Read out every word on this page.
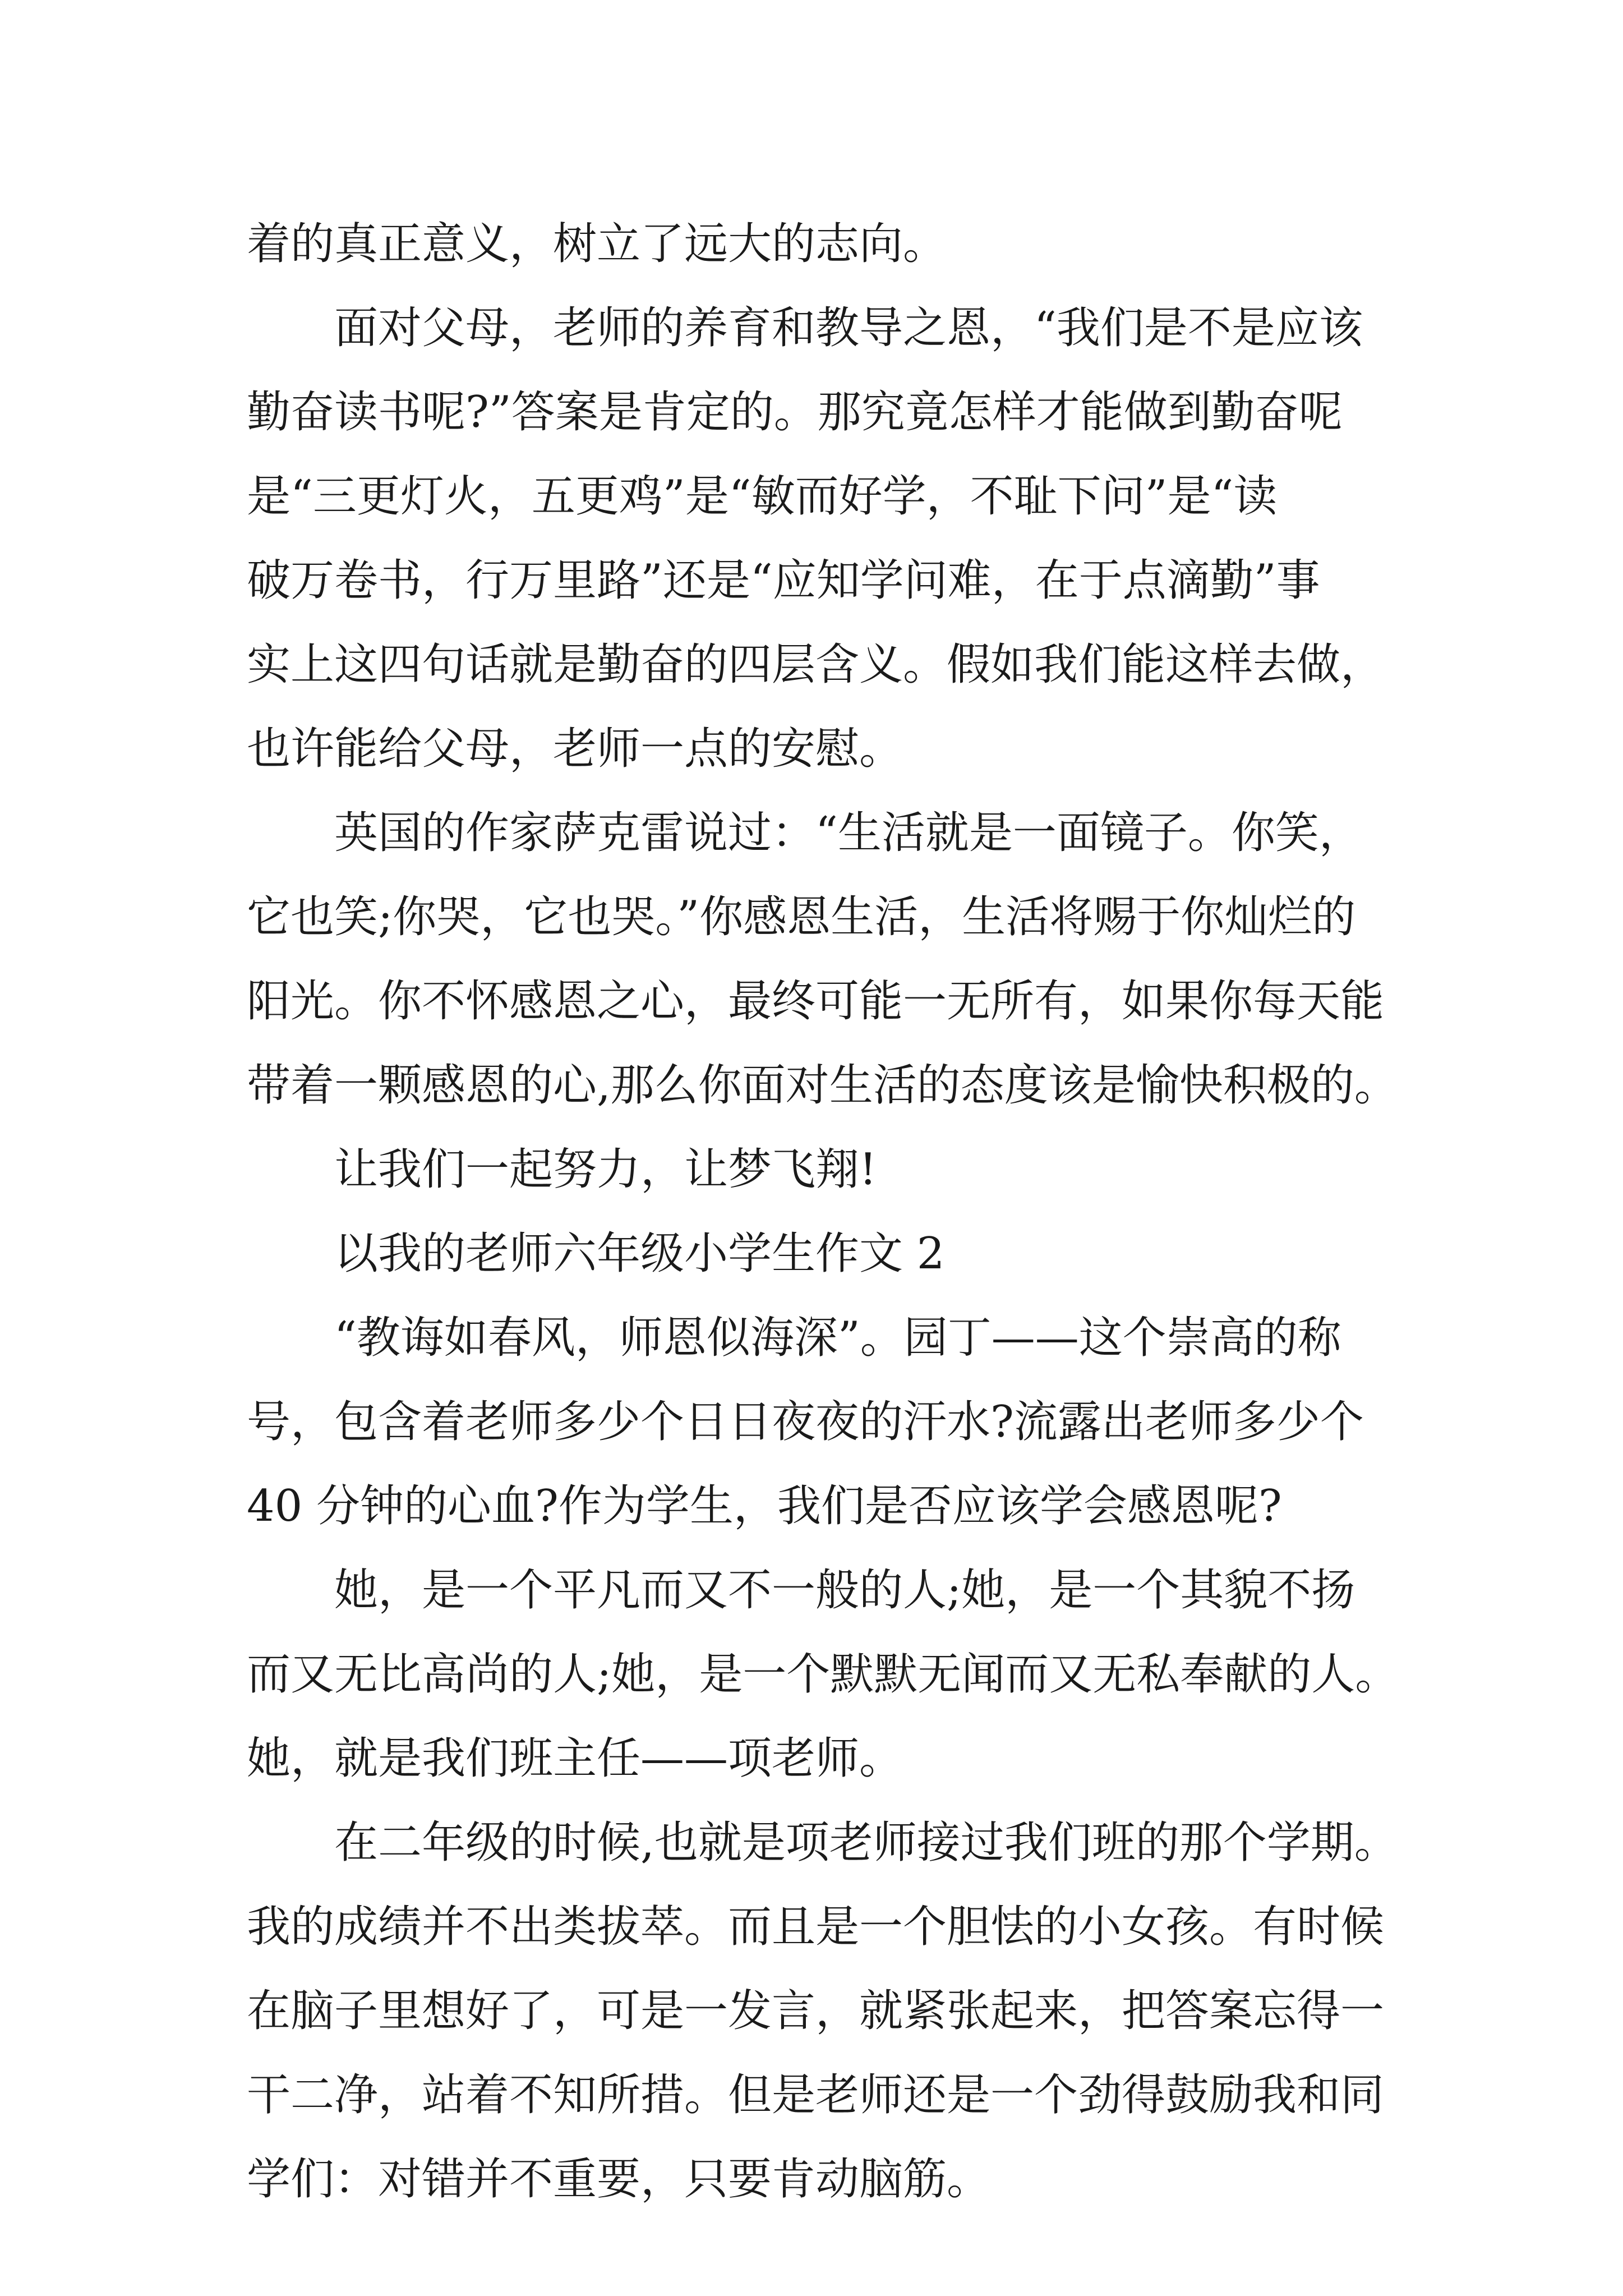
着的真正意义，树立了远大的志向。
面对父母，老师的养育和教导之恩，“我们是不是应该
勤奋读书呢?”答案是肯定的。那究竟怎样才能做到勤奋呢
是“三更灯火，五更鸡”是“敏而好学，不耻下问”是“读
破万卷书，行万里路”还是“应知学问难，在于点滴勤”事
实上这四句话就是勤奋的四层含义。假如我们能这样去做，
也许能给父母，老师一点的安慰。
英国的作家萨克雷说过：“生活就是一面镜子。你笑，
它也笑;你哭，它也哭。”你感恩生活，生活将赐于你灿烂的
阳光。你不怀感恩之心，最终可能一无所有，如果你每天能
带着一颗感恩的心,那么你面对生活的态度该是愉快积极的。
让我们一起努力，让梦飞翔!
以我的老师六年级小学生作文 2
“教诲如春风，师恩似海深”。园丁——这个崇高的称
号，包含着老师多少个日日夜夜的汗水?流露出老师多少个
40 分钟的心血?作为学生，我们是否应该学会感恩呢?
她，是一个平凡而又不一般的人;她，是一个其貌不扬
而又无比高尚的人;她，是一个默默无闻而又无私奉献的人。
她，就是我们班主任——项老师。
在二年级的时候,也就是项老师接过我们班的那个学期。
我的成绩并不出类拔萃。而且是一个胆怯的小女孩。有时候
在脑子里想好了，可是一发言，就紧张起来，把答案忘得一
干二净，站着不知所措。但是老师还是一个劲得鼓励我和同
学们：对错并不重要，只要肯动脑筋。
